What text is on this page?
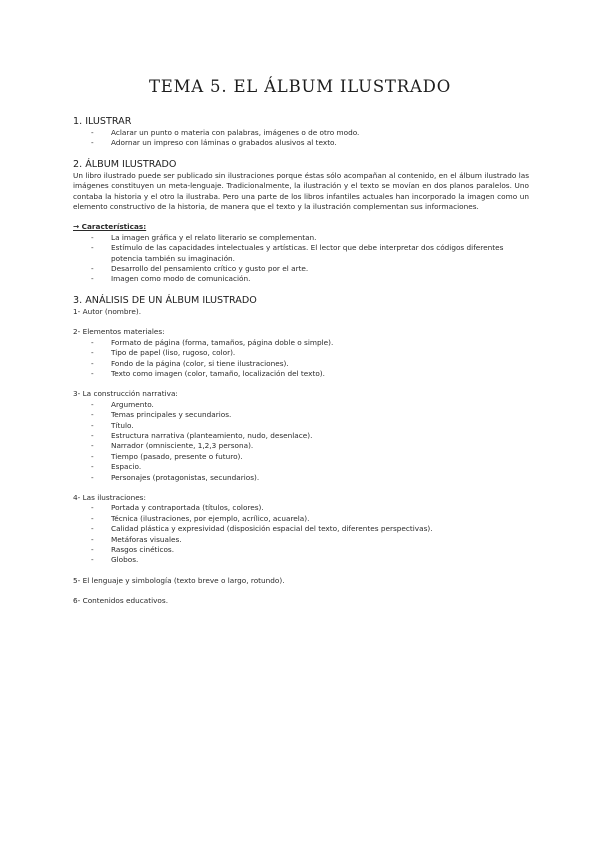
TEMA 5. EL ÁLBUM ILUSTRADO
1. ILUSTRAR
- Aclarar un punto o materia con palabras, imágenes o de otro modo.
- Adornar un impreso con láminas o grabados alusivos al texto.
2. ÁLBUM ILUSTRADO

Un libro ilustrado puede ser publicado sin ilustraciones porque éstas sólo acompañan al contenido, en el álbum ilustrado las imágenes constituyen un meta-lenguaje. Tradicionalmente, la ilustración y el texto se movían en dos planos paralelos. Uno contaba la historia y el otro la ilustraba. Pero una parte de los libros infantiles actuales han incorporado la imagen como un elemento constructivo de la historia, de manera que el texto y la ilustración complementan sus informaciones.

→ Características:

- La imagen gráfica y el relato literario se complementan.
- Estímulo de las capacidades intelectuales y artísticas. El lector que debe interpretar dos códigos diferentes potencia también su imaginación.
- Desarrollo del pensamiento crítico y gusto por el arte.
- Imagen como modo de comunicación.
3. ANÁLISIS DE UN ÁLBUM ILUSTRADO

1- Autor (nombre).

2- Elementos materiales:

- Formato de página (forma, tamaños, página doble o simple).
- Tipo de papel (liso, rugoso, color).
- Fondo de la página (color, si tiene ilustraciones).
- Texto como imagen (color, tamaño, localización del texto).

3- La construcción narrativa:

- Argumento.
- Temas principales y secundarios.
- Título.
- Estructura narrativa (planteamiento, nudo, desenlace).
- Narrador (omnisciente, 1,2,3 persona).
- Tiempo (pasado, presente o futuro).
- Espacio.
- Personajes (protagonistas, secundarios).

4- Las ilustraciones:

- Portada y contraportada (títulos, colores).
- Técnica (ilustraciones, por ejemplo, acrílico, acuarela).
- Calidad plástica y expresividad (disposición espacial del texto, diferentes perspectivas).
- Metáforas visuales.
- Rasgos cinéticos.
- Globos.

5- El lenguaje y simbología (texto breve o largo, rotundo).

6- Contenidos educativos.
